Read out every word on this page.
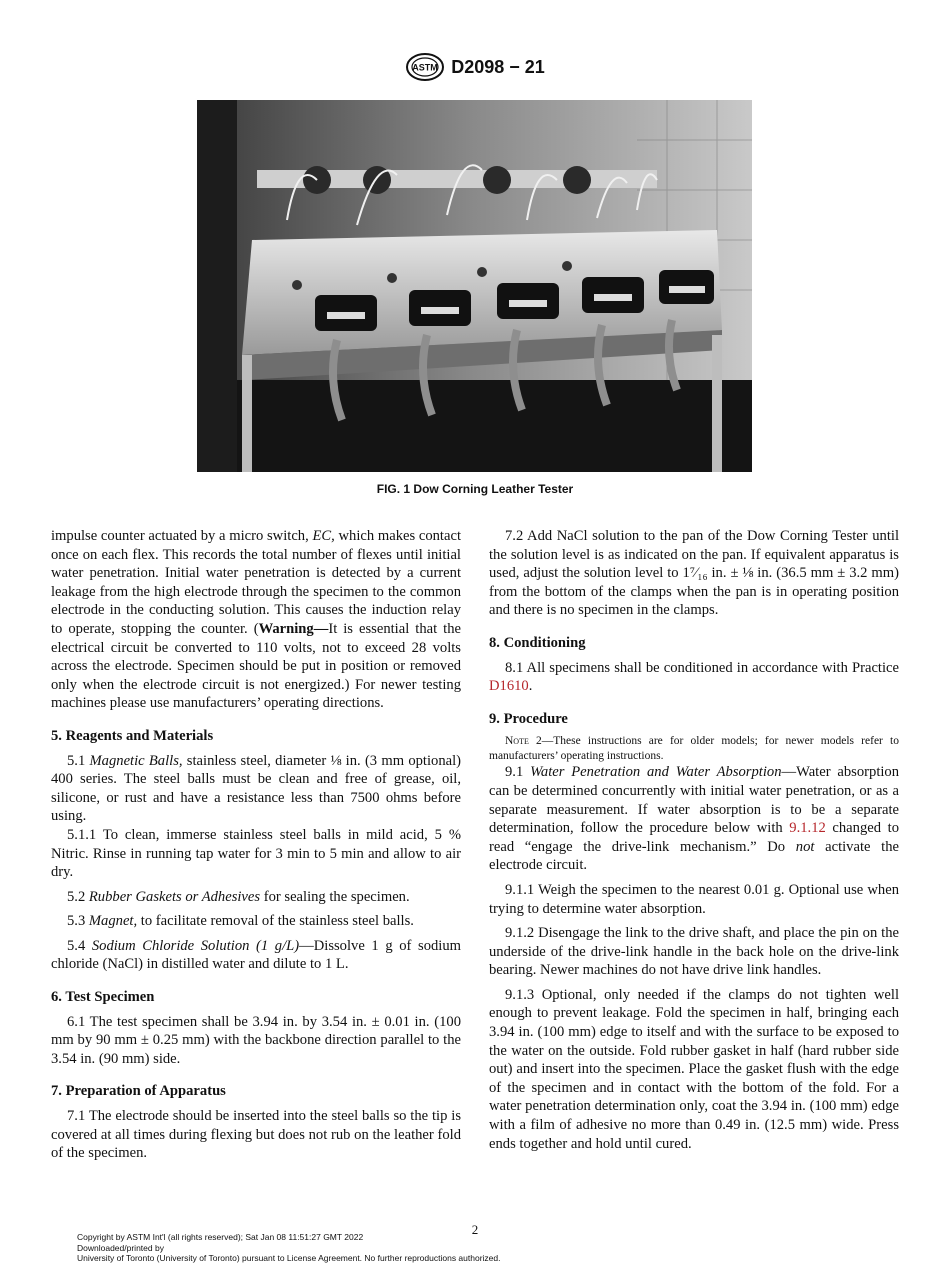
ASTM D2098 − 21
FIG. 1 Dow Corning Leather Tester

impulse counter actuated by a micro switch, EC, which makes contact once on each flex. This records the total number of flexes until initial water penetration. Initial water penetration is detected by a current leakage from the high electrode through the specimen to the common electrode in the conducting solution. This causes the induction relay to operate, stopping the counter. (Warning—It is essential that the electrical circuit be converted to 110 volts, not to exceed 28 volts across the electrode. Specimen should be put in position or removed only when the electrode circuit is not energized.) For newer testing machines please use manufacturers’ operating directions.

5. Reagents and Materials

5.1 Magnetic Balls, stainless steel, diameter ⅛ in. (3 mm optional) 400 series. The steel balls must be clean and free of grease, oil, silicone, or rust and have a resistance less than 7500 ohms before using.

5.1.1 To clean, immerse stainless steel balls in mild acid, 5 % Nitric. Rinse in running tap water for 3 min to 5 min and allow to air dry.

5.2 Rubber Gaskets or Adhesives for sealing the specimen.

5.3 Magnet, to facilitate removal of the stainless steel balls.

5.4 Sodium Chloride Solution (1 g/L)—Dissolve 1 g of sodium chloride (NaCl) in distilled water and dilute to 1 L.

6. Test Specimen

6.1 The test specimen shall be 3.94 in. by 3.54 in. ± 0.01 in. (100 mm by 90 mm ± 0.25 mm) with the backbone direction parallel to the 3.54 in. (90 mm) side.

7. Preparation of Apparatus

7.1 The electrode should be inserted into the steel balls so the tip is covered at all times during flexing but does not rub on the leather fold of the specimen.

7.2 Add NaCl solution to the pan of the Dow Corning Tester until the solution level is as indicated on the pan. If equivalent apparatus is used, adjust the solution level to 1⁷⁄₁₆ in. ± ⅛ in. (36.5 mm ± 3.2 mm) from the bottom of the clamps when the pan is in operating position and there is no specimen in the clamps.

8. Conditioning

8.1 All specimens shall be conditioned in accordance with Practice D1610.

9. Procedure

Note 2—These instructions are for older models; for newer models refer to manufacturers’ operating instructions.

9.1 Water Penetration and Water Absorption—Water absorption can be determined concurrently with initial water penetration, or as a separate measurement. If water absorption is to be a separate determination, follow the procedure below with 9.1.12 changed to read “engage the drive-link mechanism.” Do not activate the electrode circuit.

9.1.1 Weigh the specimen to the nearest 0.01 g. Optional use when trying to determine water absorption.

9.1.2 Disengage the link to the drive shaft, and place the pin on the underside of the drive-link handle in the back hole on the drive-link bearing. Newer machines do not have drive link handles.

9.1.3 Optional, only needed if the clamps do not tighten well enough to prevent leakage. Fold the specimen in half, bringing each 3.94 in. (100 mm) edge to itself and with the surface to be exposed to the water on the outside. Fold rubber gasket in half (hard rubber side out) and insert into the specimen. Place the gasket flush with the edge of the specimen and in contact with the bottom of the fold. For a water penetration determination only, coat the 3.94 in. (100 mm) edge with a film of adhesive no more than 0.49 in. (12.5 mm) wide. Press ends together and hold until cured.

2
Copyright by ASTM Int'l (all rights reserved); Sat Jan 08 11:51:27 GMT 2022
Downloaded/printed by
University of Toronto (University of Toronto) pursuant to License Agreement. No further reproductions authorized.
